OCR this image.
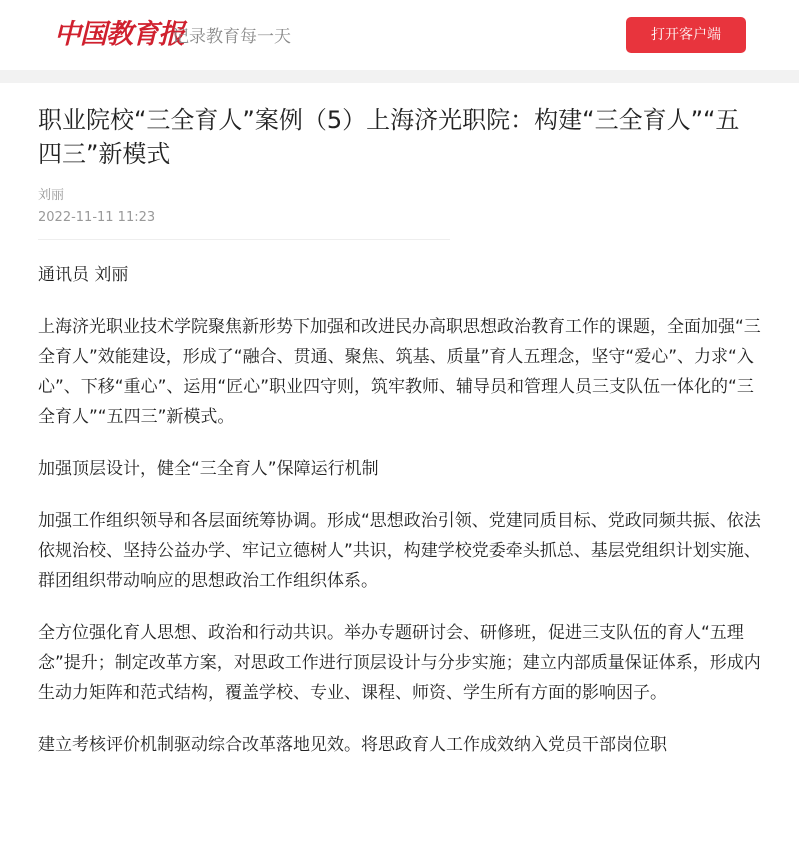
中国教育报
记录教育每一天	打开客户端
职业院校“三全育人”案例（5）上海济光职院：构建“三全育人”“五四三”新模式
刘丽
2022-11-11 11:23

通讯员 刘丽

上海济光职业技术学院聚焦新形势下加强和改进民办高职思想政治教育工作的课题，全面加强“三全育人”效能建设，形成了“融合、贯通、聚焦、筑基、质量”育人五理念，坚守“爱心”、力求“入心”、下移“重心”、运用“匠心”职业四守则，筑牢教师、辅导员和管理人员三支队伍一体化的“三全育人”“五四三”新模式。

加强顶层设计，健全“三全育人”保障运行机制

加强工作组织领导和各层面统筹协调。形成“思想政治引领、党建同质目标、党政同频共振、依法依规治校、坚持公益办学、牢记立德树人”共识，构建学校党委牵头抓总、基层党组织计划实施、群团组织带动响应的思想政治工作组织体系。

全方位强化育人思想、政治和行动共识。举办专题研讨会、研修班，促进三支队伍的育人“五理念”提升；制定改革方案，对思政工作进行顶层设计与分步实施；建立内部质量保证体系，形成内生动力矩阵和范式结构，覆盖学校、专业、课程、师资、学生所有方面的影响因子。

建立考核评价机制驱动综合改革落地见效。将思政育人工作成效纳入党员干部岗位职
